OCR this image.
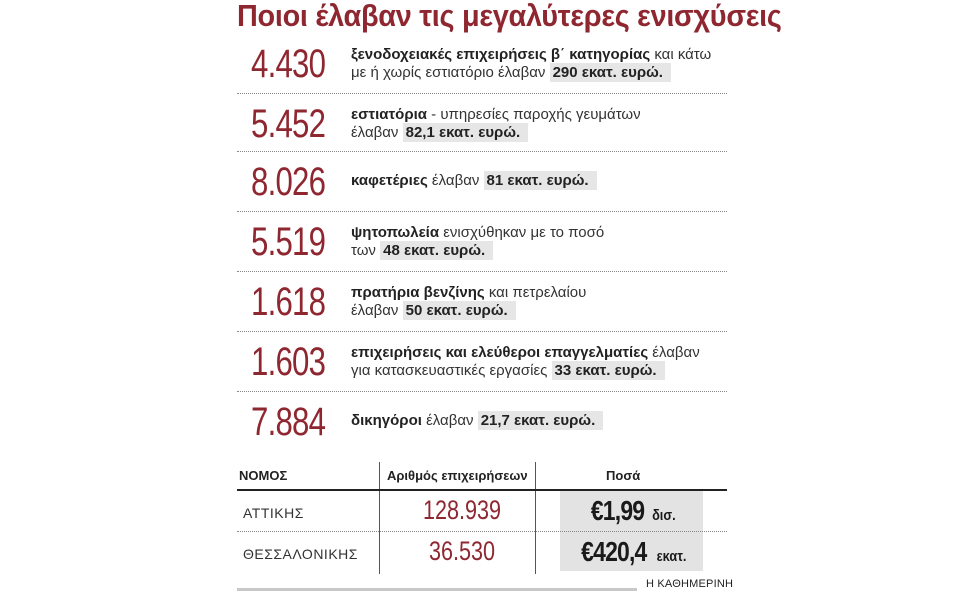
Ποιοι έλαβαν τις μεγαλύτερες ενισχύσεις
4.430 ξενοδοχειακές επιχειρήσεις β΄ κατηγορίας και κάτω
με ή χωρίς εστιατόριο έλαβαν 290 εκατ. ευρώ.
5.452 εστιατόρια - υπηρεσίες παροχής γευμάτων
έλαβαν 82,1 εκατ. ευρώ.
8.026 καφετέριες έλαβαν 81 εκατ. ευρώ.
5.519 ψητοπωλεία ενισχύθηκαν με το ποσό
των 48 εκατ. ευρώ.
1.618 πρατήρια βενζίνης και πετρελαίου
έλαβαν 50 εκατ. ευρώ.
1.603 επιχειρήσεις και ελεύθεροι επαγγελματίες έλαβαν
για κατασκευαστικές εργασίες 33 εκατ. ευρώ.
7.884 δικηγόροι έλαβαν 21,7 εκατ. ευρώ.
ΝΟΜΟΣ	Αριθμός επιχειρήσεων	Ποσά
ΑΤΤΙΚΗΣ	128.939	€1,99 δισ.
ΘΕΣΣΑΛΟΝΙΚΗΣ	36.530	€420,4 εκατ.
Η ΚΑΘΗΜΕΡΙΝΗ
